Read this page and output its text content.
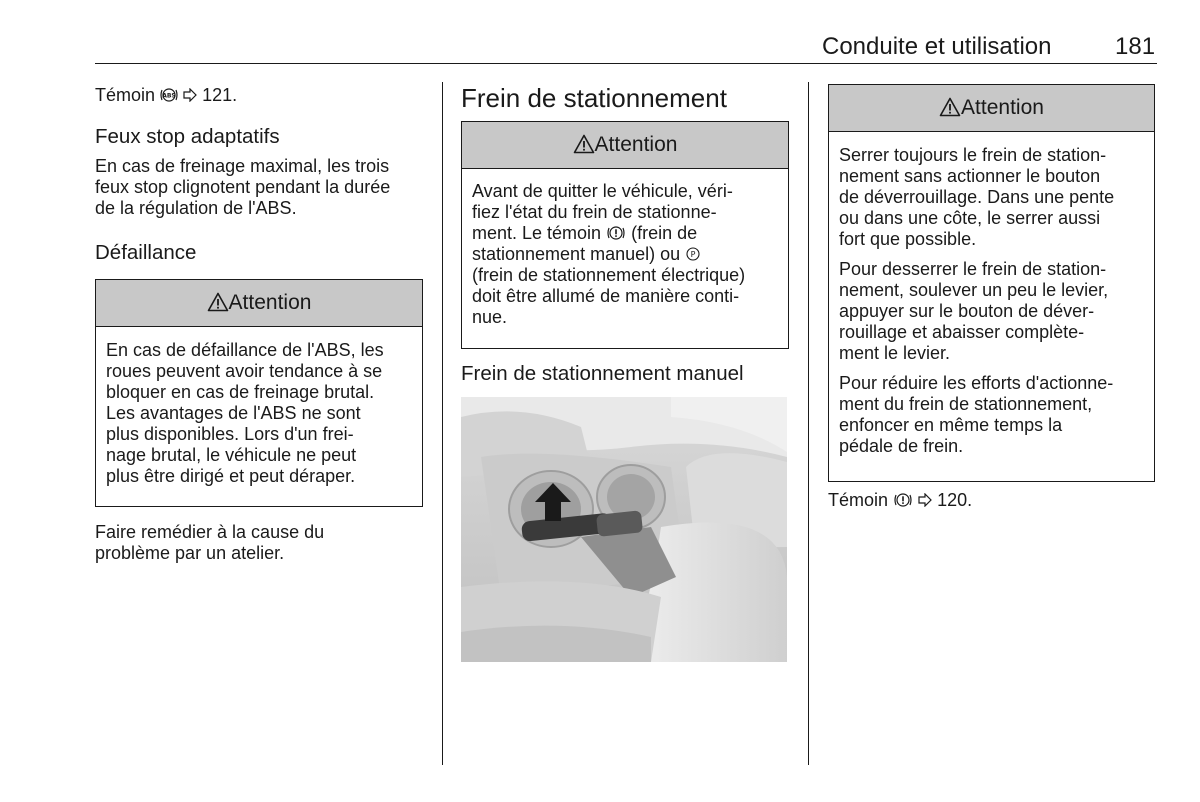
Conduite et utilisation	181

Témoin ABS 121.

Feux stop adaptatifs

En cas de freinage maximal, les trois

feux stop clignotent pendant la durée

de la régulation de l'ABS.

Défaillance
Attention

En cas de défaillance de l'ABS, les

roues peuvent avoir tendance à se

bloquer en cas de freinage brutal.

Les avantages de l'ABS ne sont

plus disponibles. Lors d'un frei-

nage brutal, le véhicule ne peut

plus être dirigé et peut déraper.

Faire remédier à la cause du

problème par un atelier.

Frein de stationnement
Attention

Avant de quitter le véhicule, véri-

fiez l'état du frein de stationne-

ment. Le témoin (frein de

stationnement manuel) ou P

(frein de stationnement électrique)

doit être allumé de manière conti-

nue.

Frein de stationnement manuel
Attention

Serrer toujours le frein de station-

nement sans actionner le bouton

de déverrouillage. Dans une pente

ou dans une côte, le serrer aussi

fort que possible.

Pour desserrer le frein de station-

nement, soulever un peu le levier,

appuyer sur le bouton de déver-

rouillage et abaisser complète-

ment le levier.

Pour réduire les efforts d'actionne-

ment du frein de stationnement,

enfoncer en même temps la

pédale de frein.

Témoin	120.
